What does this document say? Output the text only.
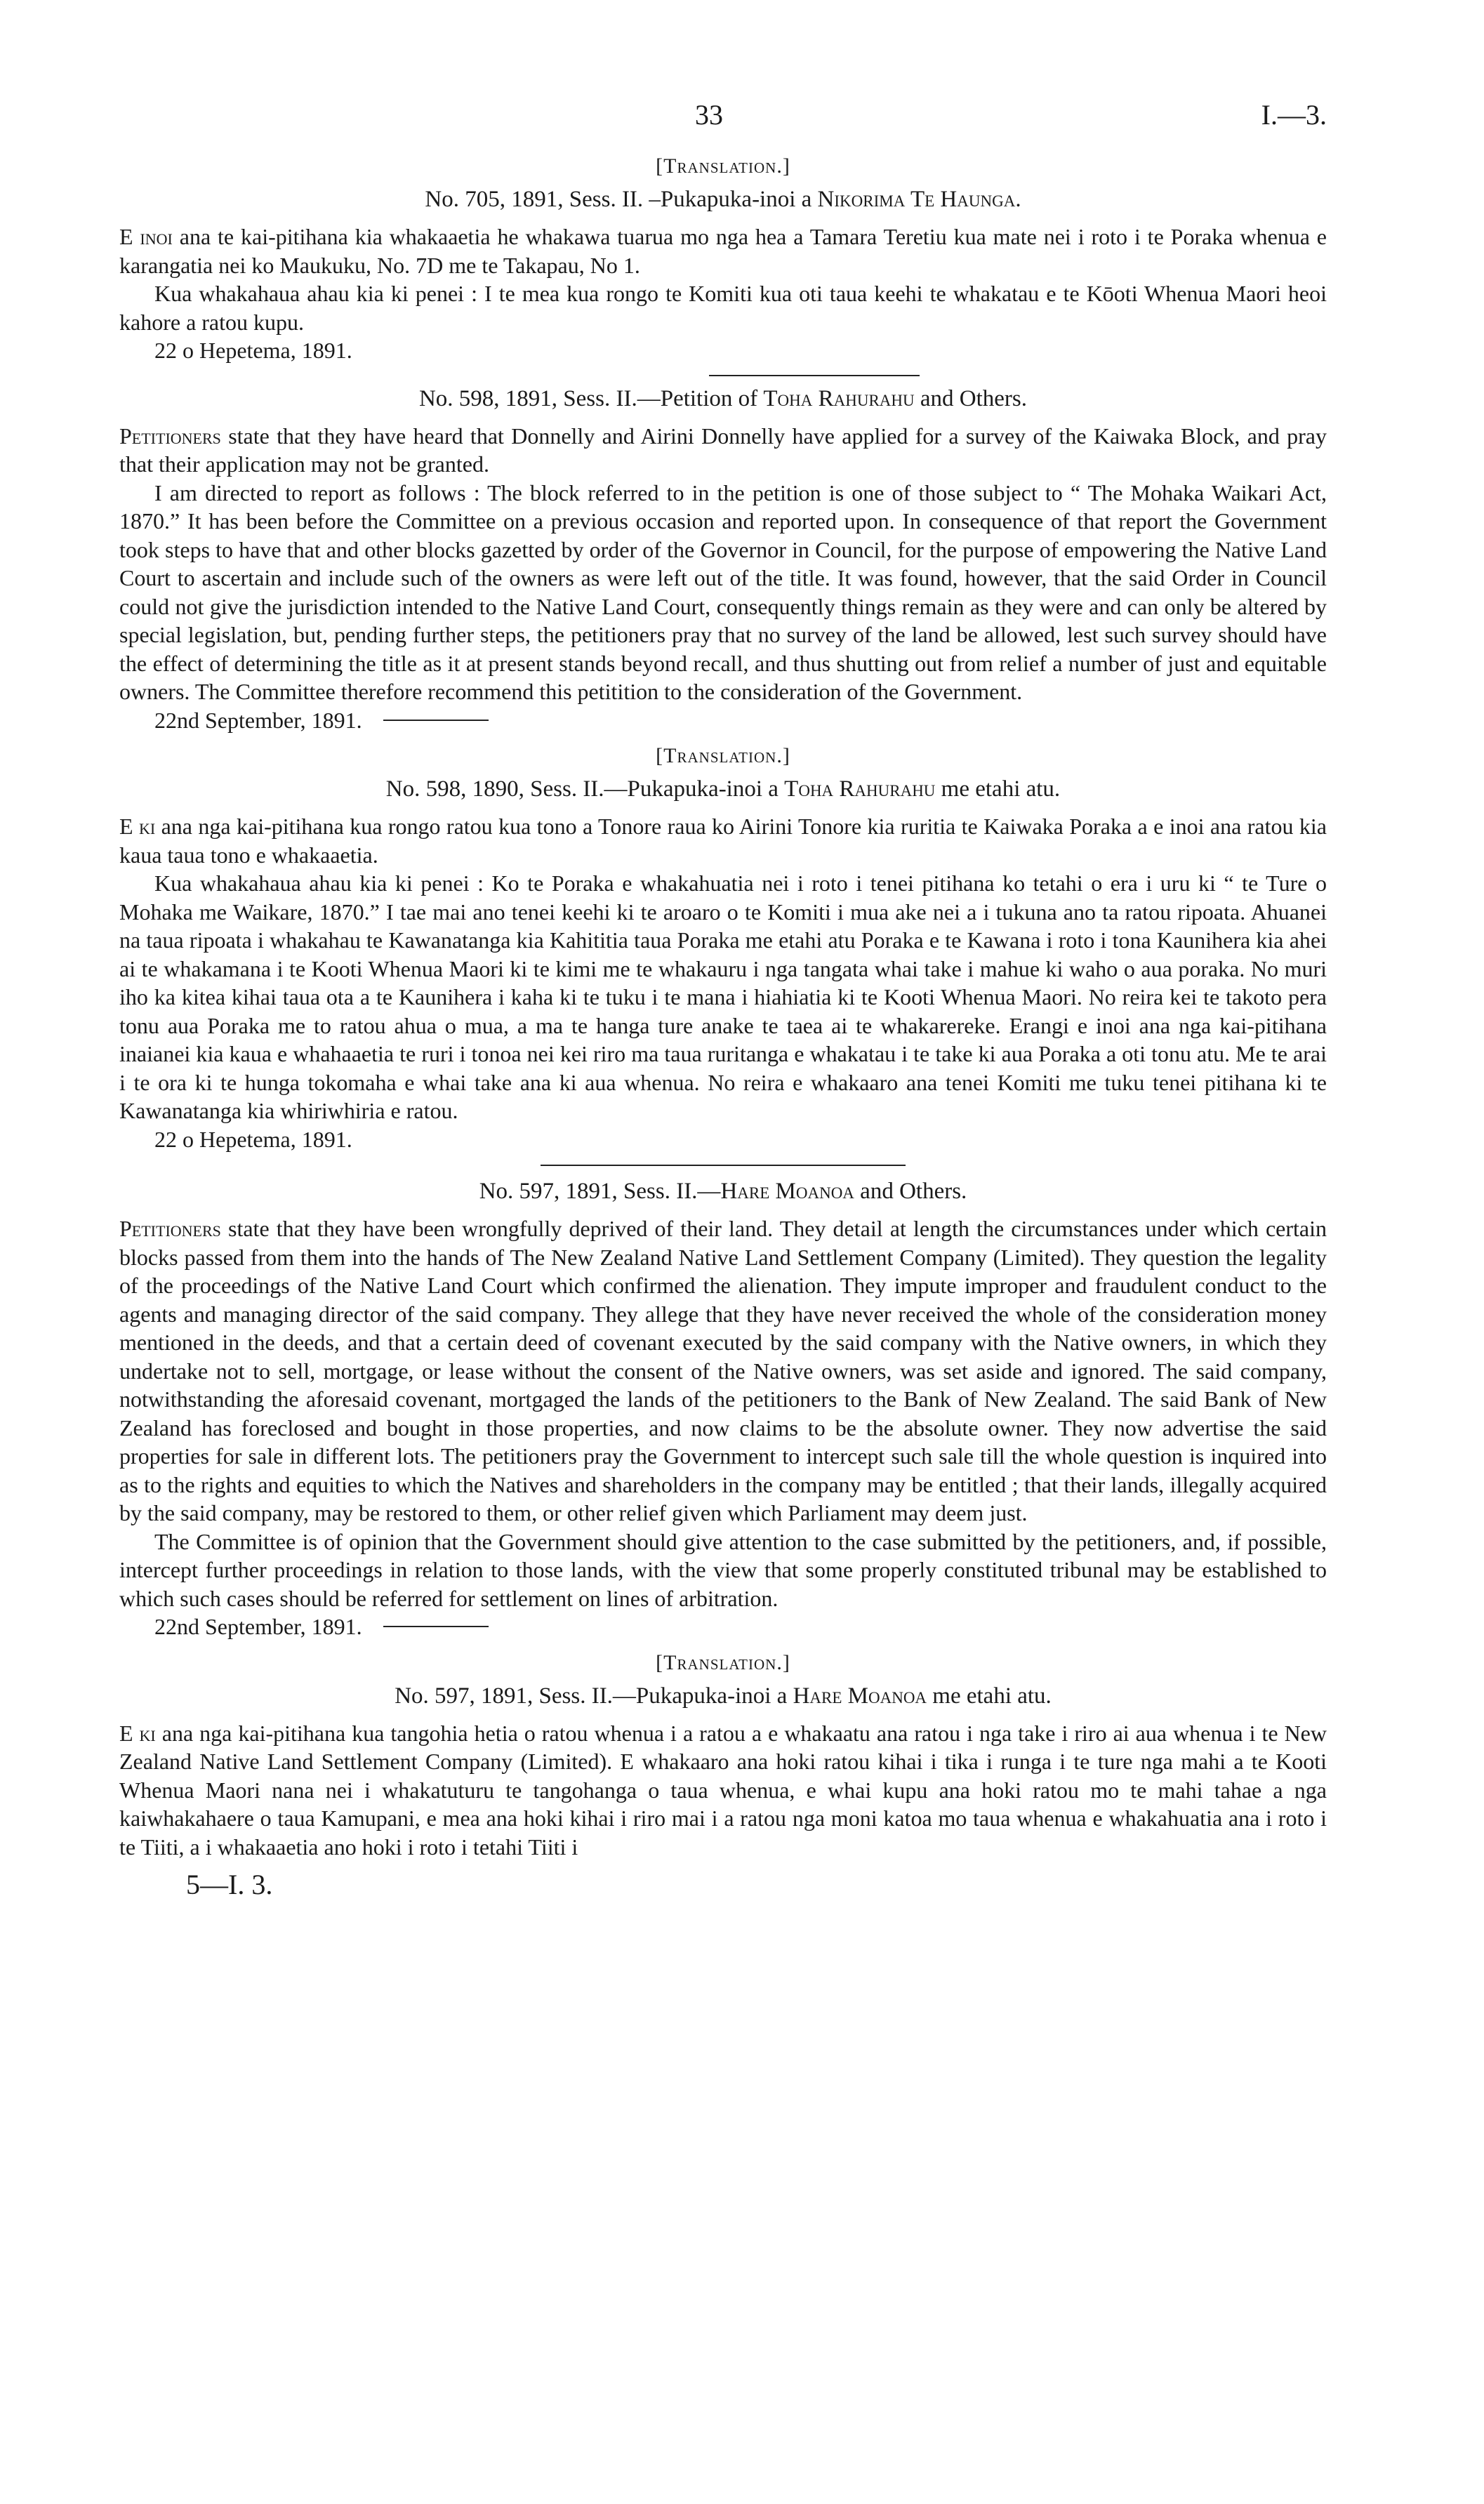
33	I.—3.
[Translation.]
No. 705, 1891, Sess. II. –Pukapuka-inoi a Nikorima Te Haunga.

E inoi ana te kai-pitihana kia whakaaetia he whakawa tuarua mo nga hea a Tamara Teretiu kua mate nei i roto i te Poraka whenua e karangatia nei ko Maukuku, No. 7D me te Takapau, No 1.

Kua whakahaua ahau kia ki penei : I te mea kua rongo te Komiti kua oti taua keehi te whakatau e te Kōoti Whenua Maori heoi kahore a ratou kupu.

22 o Hepetema, 1891.
No. 598, 1891, Sess. II.—Petition of Toha Rahurahu and Others.

Petitioners state that they have heard that Donnelly and Airini Donnelly have applied for a survey of the Kaiwaka Block, and pray that their application may not be granted.

I am directed to report as follows : The block referred to in the petition is one of those subject to “ The Mohaka Waikari Act, 1870.” It has been before the Committee on a previous occasion and reported upon. In consequence of that report the Government took steps to have that and other blocks gazetted by order of the Governor in Council, for the purpose of empowering the Native Land Court to ascertain and include such of the owners as were left out of the title. It was found, however, that the said Order in Council could not give the jurisdiction intended to the Native Land Court, consequently things remain as they were and can only be altered by special legislation, but, pending further steps, the petitioners pray that no survey of the land be allowed, lest such survey should have the effect of determining the title as it at present stands beyond recall, and thus shutting out from relief a number of just and equitable owners. The Committee therefore recommend this petitition to the consideration of the Government.

22nd September, 1891.
[Translation.]
No. 598, 1890, Sess. II.—Pukapuka-inoi a Toha Rahurahu me etahi atu.

E ki ana nga kai-pitihana kua rongo ratou kua tono a Tonore raua ko Airini Tonore kia ruritia te Kaiwaka Poraka a e inoi ana ratou kia kaua taua tono e whakaaetia.

Kua whakahaua ahau kia ki penei : Ko te Poraka e whakahuatia nei i roto i tenei pitihana ko tetahi o era i uru ki “ te Ture o Mohaka me Waikare, 1870.” I tae mai ano tenei keehi ki te aroaro o te Komiti i mua ake nei a i tukuna ano ta ratou ripoata. Ahuanei na taua ripoata i whakahau te Kawanatanga kia Kahititia taua Poraka me etahi atu Poraka e te Kawana i roto i tona Kaunihera kia ahei ai te whakamana i te Kooti Whenua Maori ki te kimi me te whakauru i nga tangata whai take i mahue ki waho o aua poraka. No muri iho ka kitea kihai taua ota a te Kaunihera i kaha ki te tuku i te mana i hiahiatia ki te Kooti Whenua Maori. No reira kei te takoto pera tonu aua Poraka me to ratou ahua o mua, a ma te hanga ture anake te taea ai te whakarereke. Erangi e inoi ana nga kai-pitihana inaianei kia kaua e whahaaetia te ruri i tonoa nei kei riro ma taua ruritanga e whakatau i te take ki aua Poraka a oti tonu atu. Me te arai i te ora ki te hunga tokomaha e whai take ana ki aua whenua. No reira e whakaaro ana tenei Komiti me tuku tenei pitihana ki te Kawanatanga kia whiriwhiria e ratou.

22 o Hepetema, 1891.
No. 597, 1891, Sess. II.—Hare Moanoa and Others.

Petitioners state that they have been wrongfully deprived of their land. They detail at length the circumstances under which certain blocks passed from them into the hands of The New Zealand Native Land Settlement Company (Limited). They question the legality of the proceedings of the Native Land Court which confirmed the alienation. They impute improper and fraudulent conduct to the agents and managing director of the said company. They allege that they have never received the whole of the consideration money mentioned in the deeds, and that a certain deed of covenant executed by the said company with the Native owners, in which they undertake not to sell, mortgage, or lease without the consent of the Native owners, was set aside and ignored. The said company, notwithstanding the aforesaid covenant, mortgaged the lands of the petitioners to the Bank of New Zealand. The said Bank of New Zealand has foreclosed and bought in those properties, and now claims to be the absolute owner. They now advertise the said properties for sale in different lots. The petitioners pray the Government to intercept such sale till the whole question is inquired into as to the rights and equities to which the Natives and shareholders in the company may be entitled ; that their lands, illegally acquired by the said company, may be restored to them, or other relief given which Parliament may deem just.

The Committee is of opinion that the Government should give attention to the case submitted by the petitioners, and, if possible, intercept further proceedings in relation to those lands, with the view that some properly constituted tribunal may be established to which such cases should be referred for settlement on lines of arbitration.

22nd September, 1891.
[Translation.]
No. 597, 1891, Sess. II.—Pukapuka-inoi a Hare Moanoa me etahi atu.

E ki ana nga kai-pitihana kua tangohia hetia o ratou whenua i a ratou a e whakaatu ana ratou i nga take i riro ai aua whenua i te New Zealand Native Land Settlement Company (Limited). E whakaaro ana hoki ratou kihai i tika i runga i te ture nga mahi a te Kooti Whenua Maori nana nei i whakatuturu te tangohanga o taua whenua, e whai kupu ana hoki ratou mo te mahi tahae a nga kaiwhakahaere o taua Kamupani, e mea ana hoki kihai i riro mai i a ratou nga moni katoa mo taua whenua e whakahuatia ana i roto i te Tiiti, a i whakaaetia ano hoki i roto i tetahi Tiiti i

5—I. 3.
